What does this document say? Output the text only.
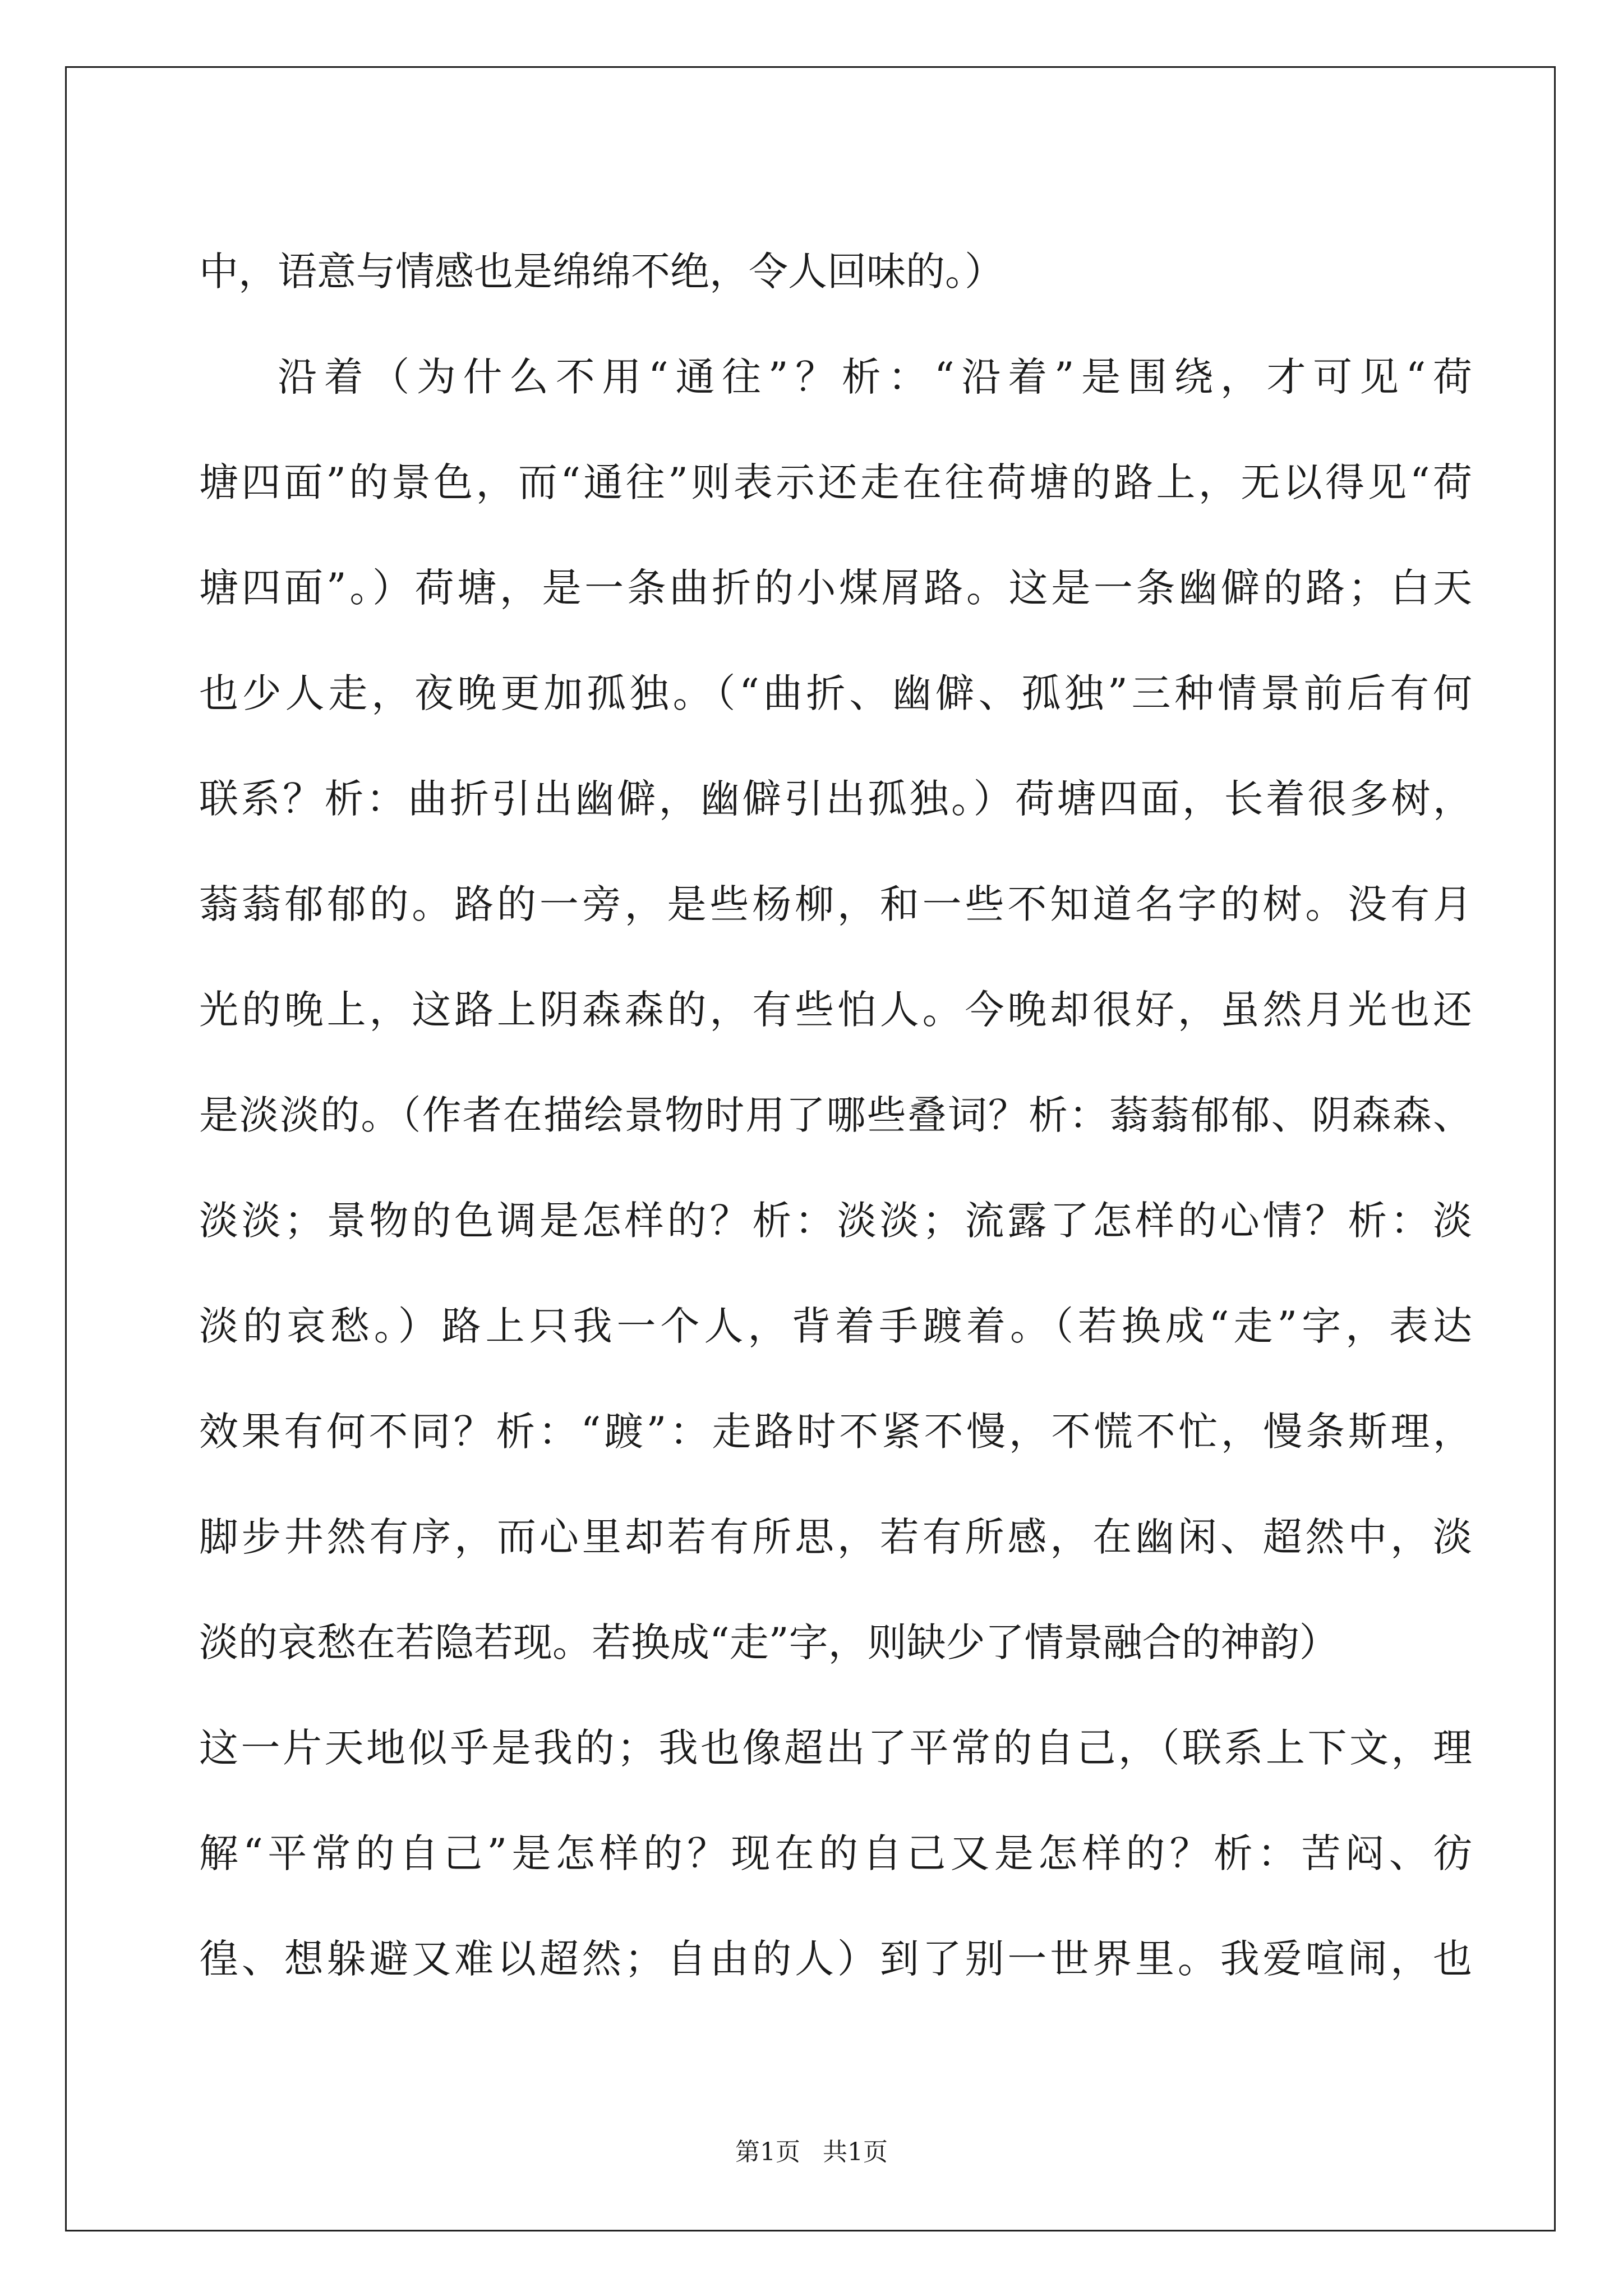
中，语意与情感也是绵绵不绝，令人回味的。）
沿着（为什么不用“通往”？析：“沿着”是围绕，才可见“荷
塘四面”的景色，而“通往”则表示还走在往荷塘的路上，无以得见“荷
塘四面”。）荷塘，是一条曲折的小煤屑路。这是一条幽僻的路；白天
也少人走，夜晚更加孤独。（“曲折、幽僻、孤独”三种情景前后有何
联系？析：曲折引出幽僻，幽僻引出孤独。）荷塘四面，长着很多树，
蓊蓊郁郁的。路的一旁，是些杨柳，和一些不知道名字的树。没有月
光的晚上，这路上阴森森的，有些怕人。今晚却很好，虽然月光也还
是淡淡的。（作者在描绘景物时用了哪些叠词？析：蓊蓊郁郁、阴森森、
淡淡；景物的色调是怎样的？析：淡淡；流露了怎样的心情？析：淡
淡的哀愁。）路上只我一个人，背着手踱着。（若换成“走”字，表达
效果有何不同？析：“踱”：走路时不紧不慢，不慌不忙，慢条斯理，
脚步井然有序，而心里却若有所思，若有所感，在幽闲、超然中，淡
淡的哀愁在若隐若现。若换成“走”字，则缺少了情景融合的神韵）
这一片天地似乎是我的；我也像超出了平常的自己，（联系上下文，理
解“平常的自己”是怎样的？现在的自己又是怎样的？析：苦闷、彷
徨、想躲避又难以超然；自由的人）到了别一世界里。我爱喧闹，也
第1页 共1页
